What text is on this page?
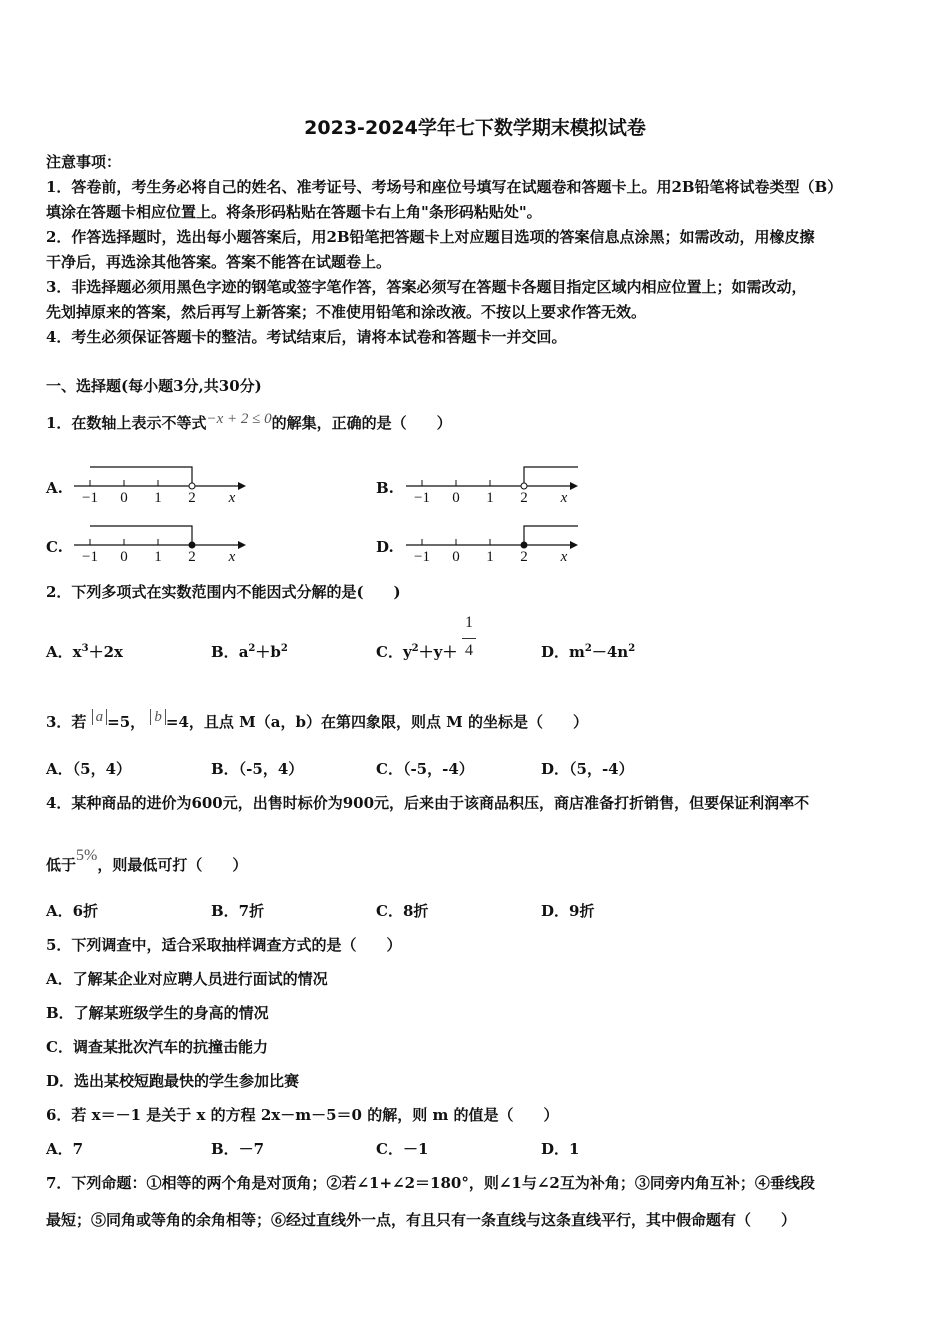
2023-2024学年七下数学期末模拟试卷
注意事项：
1．答卷前，考生务必将自己的姓名、准考证号、考场号和座位号填写在试题卷和答题卡上。用2B铅笔将试卷类型（B）
填涂在答题卡相应位置上。将条形码粘贴在答题卡右上角"条形码粘贴处"。
2．作答选择题时，选出每小题答案后，用2B铅笔把答题卡上对应题目选项的答案信息点涂黑；如需改动，用橡皮擦
干净后，再选涂其他答案。答案不能答在试题卷上。
3．非选择题必须用黑色字迹的钢笔或签字笔作答，答案必须写在答题卡各题目指定区域内相应位置上；如需改动，
先划掉原来的答案，然后再写上新答案；不准使用铅笔和涂改液。不按以上要求作答无效。
4．考生必须保证答题卡的整洁。考试结束后，请将本试卷和答题卡一并交回。
一、选择题(每小题3分,共30分)
1．在数轴上表示不等式−x + 2 ≤ 0的解集，正确的是（　　）
A.	B.
C.	D.
−1 0 1 2 x	−1 0 1 2 x
−1 0 1 2 x	−1 0 1 2 x
2．下列多项式在实数范围内不能因式分解的是(　　)
A．$x^3+2x$	B．$a^2+b^2$	C．$y^2+y+$
1
4	D．$m^2-4n^2$
3．若 a =5， b =4，且点 M（a，b）在第四象限，则点 M 的坐标是（　　）
A．（5，4）	B．（-5，4）	C．（-5，-4）	D．（5，-4）
4．某种商品的进价为600元，出售时标价为900元，后来由于该商品积压，商店准备打折销售，但要保证利润率不
低于5%，则最低可打（　　）
A．6折	B．7折	C．8折	D．9折
5．下列调查中，适合采取抽样调查方式的是（　　）
A．了解某企业对应聘人员进行面试的情况
B．了解某班级学生的身高的情况
C．调查某批次汽车的抗撞击能力
D．选出某校短跑最快的学生参加比赛
6．若 x＝－1 是关于 x 的方程 2x－m－5＝0 的解，则 m 的值是（　　）
A．7	B．－7	C．－1	D．1
7．下列命题：①相等的两个角是对顶角；②若∠1+∠2＝180°，则∠1与∠2互为补角；③同旁内角互补；④垂线段
最短；⑤同角或等角的余角相等；⑥经过直线外一点，有且只有一条直线与这条直线平行，其中假命题有（　　）
